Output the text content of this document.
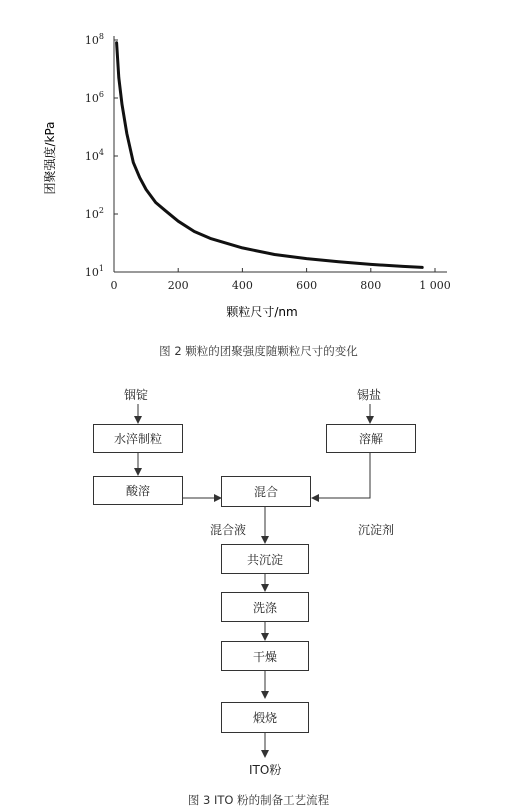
0	200	400	600	800	1 000
$10^8$
$10^6$
$10^4$
$10^2$
$10^1$
颗粒尺寸/nm
团聚强度/kPa
图 2 颗粒的团聚强度随颗粒尺寸的变化
铟锭	锡盐
水淬制粒	溶解
酸溶	混合
混合液	沉淀剂
共沉淀
洗涤
干燥
煅烧
ITO粉
图 3 ITO 粉的制备工艺流程
